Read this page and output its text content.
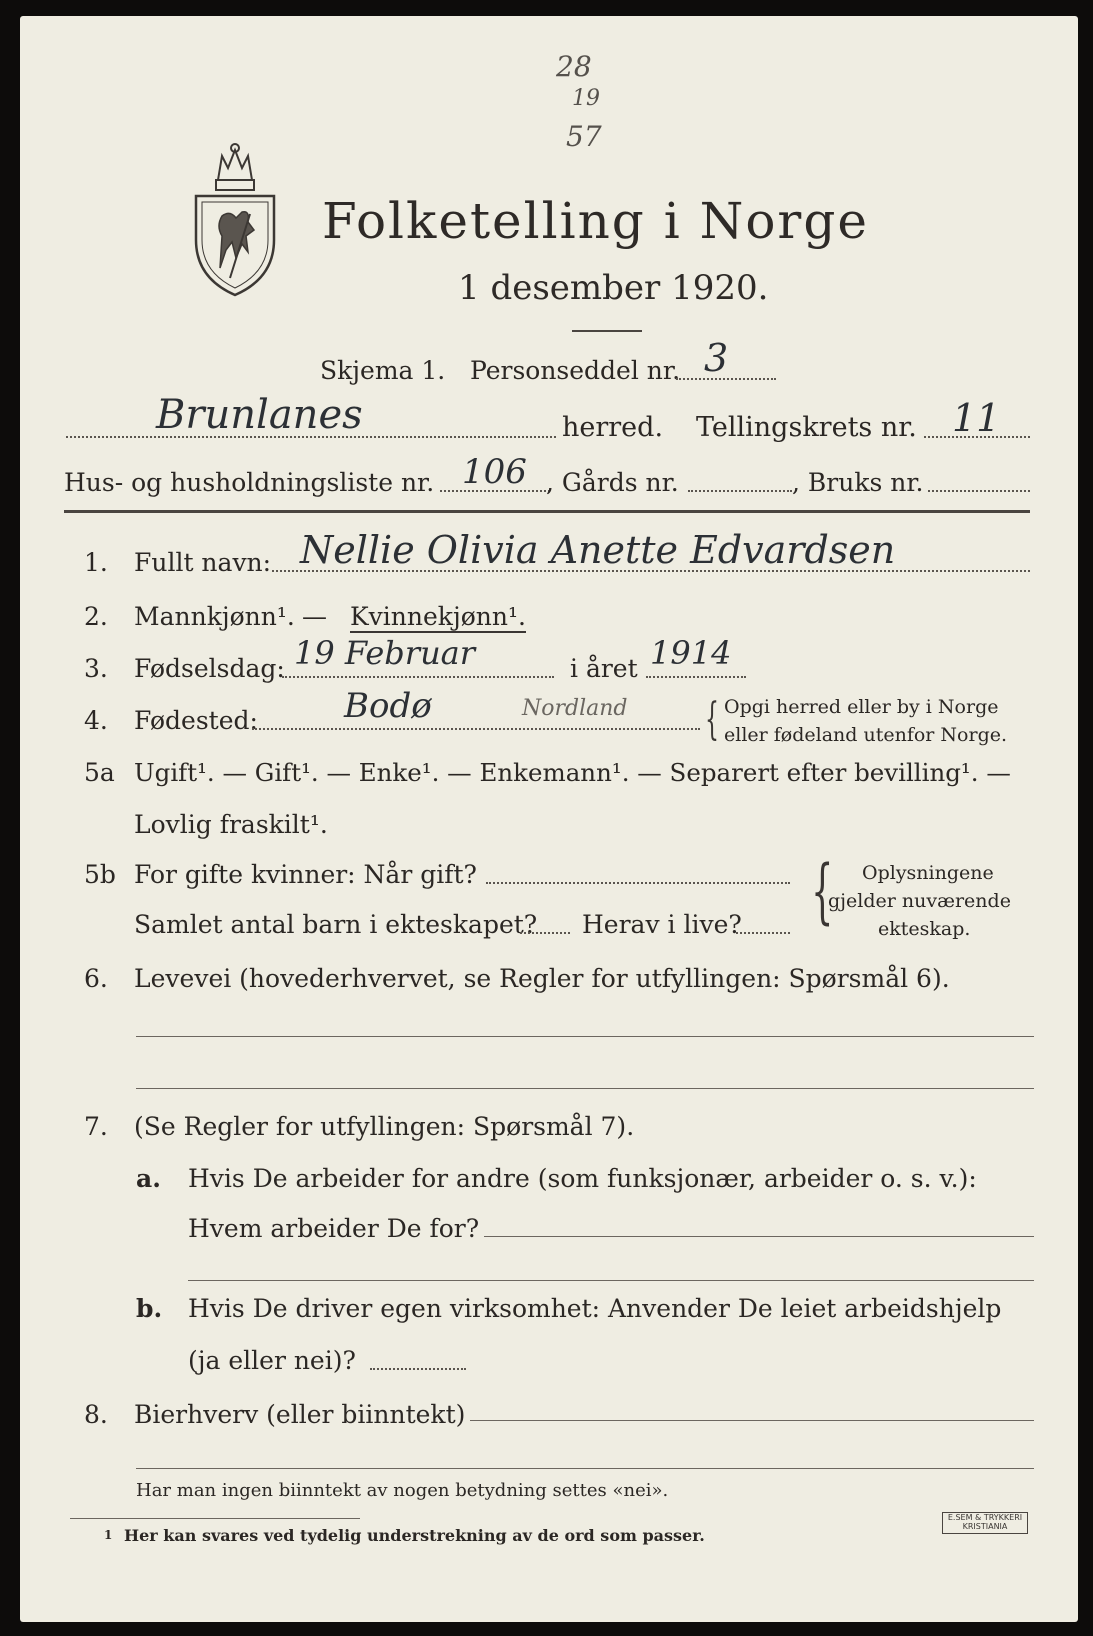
28
19
57
Folketelling i Norge
1 desember 1920.
Skjema 1. Personseddel nr. 3
Brunlanes	herred. Tellingskrets nr. 11
Hus- og husholdningsliste nr. 106 , Gårds nr.	, Bruks nr.
1. Fullt navn: Nellie Olivia Anette Edvardsen
2. Mannkjønn¹. — Kvinnekjønn¹.
3. Fødselsdag: 19 Februar	i året 1914
4. Fødested:	Bodø	Nordland { Opgi herred eller by i Norge
eller fødeland utenfor Norge.
5a Ugift¹. — Gift¹. — Enke¹. — Enkemann¹. — Separert efter bevilling¹. —
Lovlig fraskilt¹.
5b For gifte kvinner: Når gift?
Samlet antal barn i ekteskapet? Herav i live? { Oplysningene
gjelder nuværende
ekteskap.
6. Levevei (hovederhvervet, se Regler for utfyllingen: Spørsmål 6).
7. (Se Regler for utfyllingen: Spørsmål 7).
a. Hvis De arbeider for andre (som funksjonær, arbeider o. s. v.):
Hvem arbeider De for?
b. Hvis De driver egen virksomhet: Anvender De leiet arbeidshjelp
(ja eller nei)?
8. Bierhverv (eller biinntekt)
Har man ingen biinntekt av nogen betydning settes «nei».
1 Her kan svares ved tydelig understrekning av de ord som passer.
E.SEM & TRYKKERI KRISTIANIA
